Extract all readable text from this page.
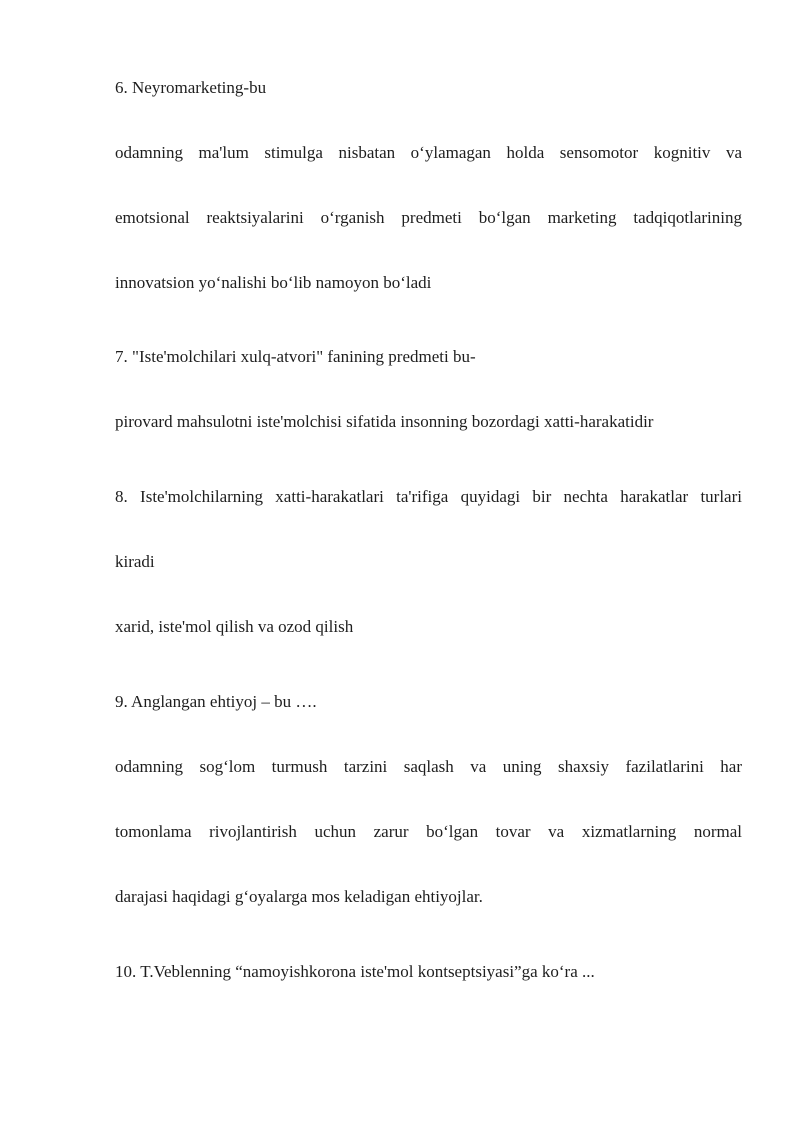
6. Neyromarketing-bu

odamning ma'lum stimulga nisbatan o‘ylamagan holda sensomotor kognitiv va

emotsional reaktsiyalarini o‘rganish predmeti bo‘lgan marketing tadqiqotlarining

innovatsion yo‘nalishi bo‘lib namoyon bo‘ladi

7. "Iste'molchilari xulq-atvori" fanining predmeti bu-

pirovard mahsulotni iste'molchisi sifatida insonning bozordagi xatti-harakatidir

8. Iste'molchilarning xatti-harakatlari ta'rifiga quyidagi bir nechta harakatlar turlari

kiradi

xarid, iste'mol qilish va ozod qilish

9. Anglangan ehtiyoj – bu ….

odamning sog‘lom turmush tarzini saqlash va uning shaxsiy fazilatlarini har

tomonlama rivojlantirish uchun zarur bo‘lgan tovar va xizmatlarning normal

darajasi haqidagi g‘oyalarga mos keladigan ehtiyojlar.

10. T.Veblenning “namoyishkorona iste'mol kontseptsiyasi”ga ko‘ra ...
